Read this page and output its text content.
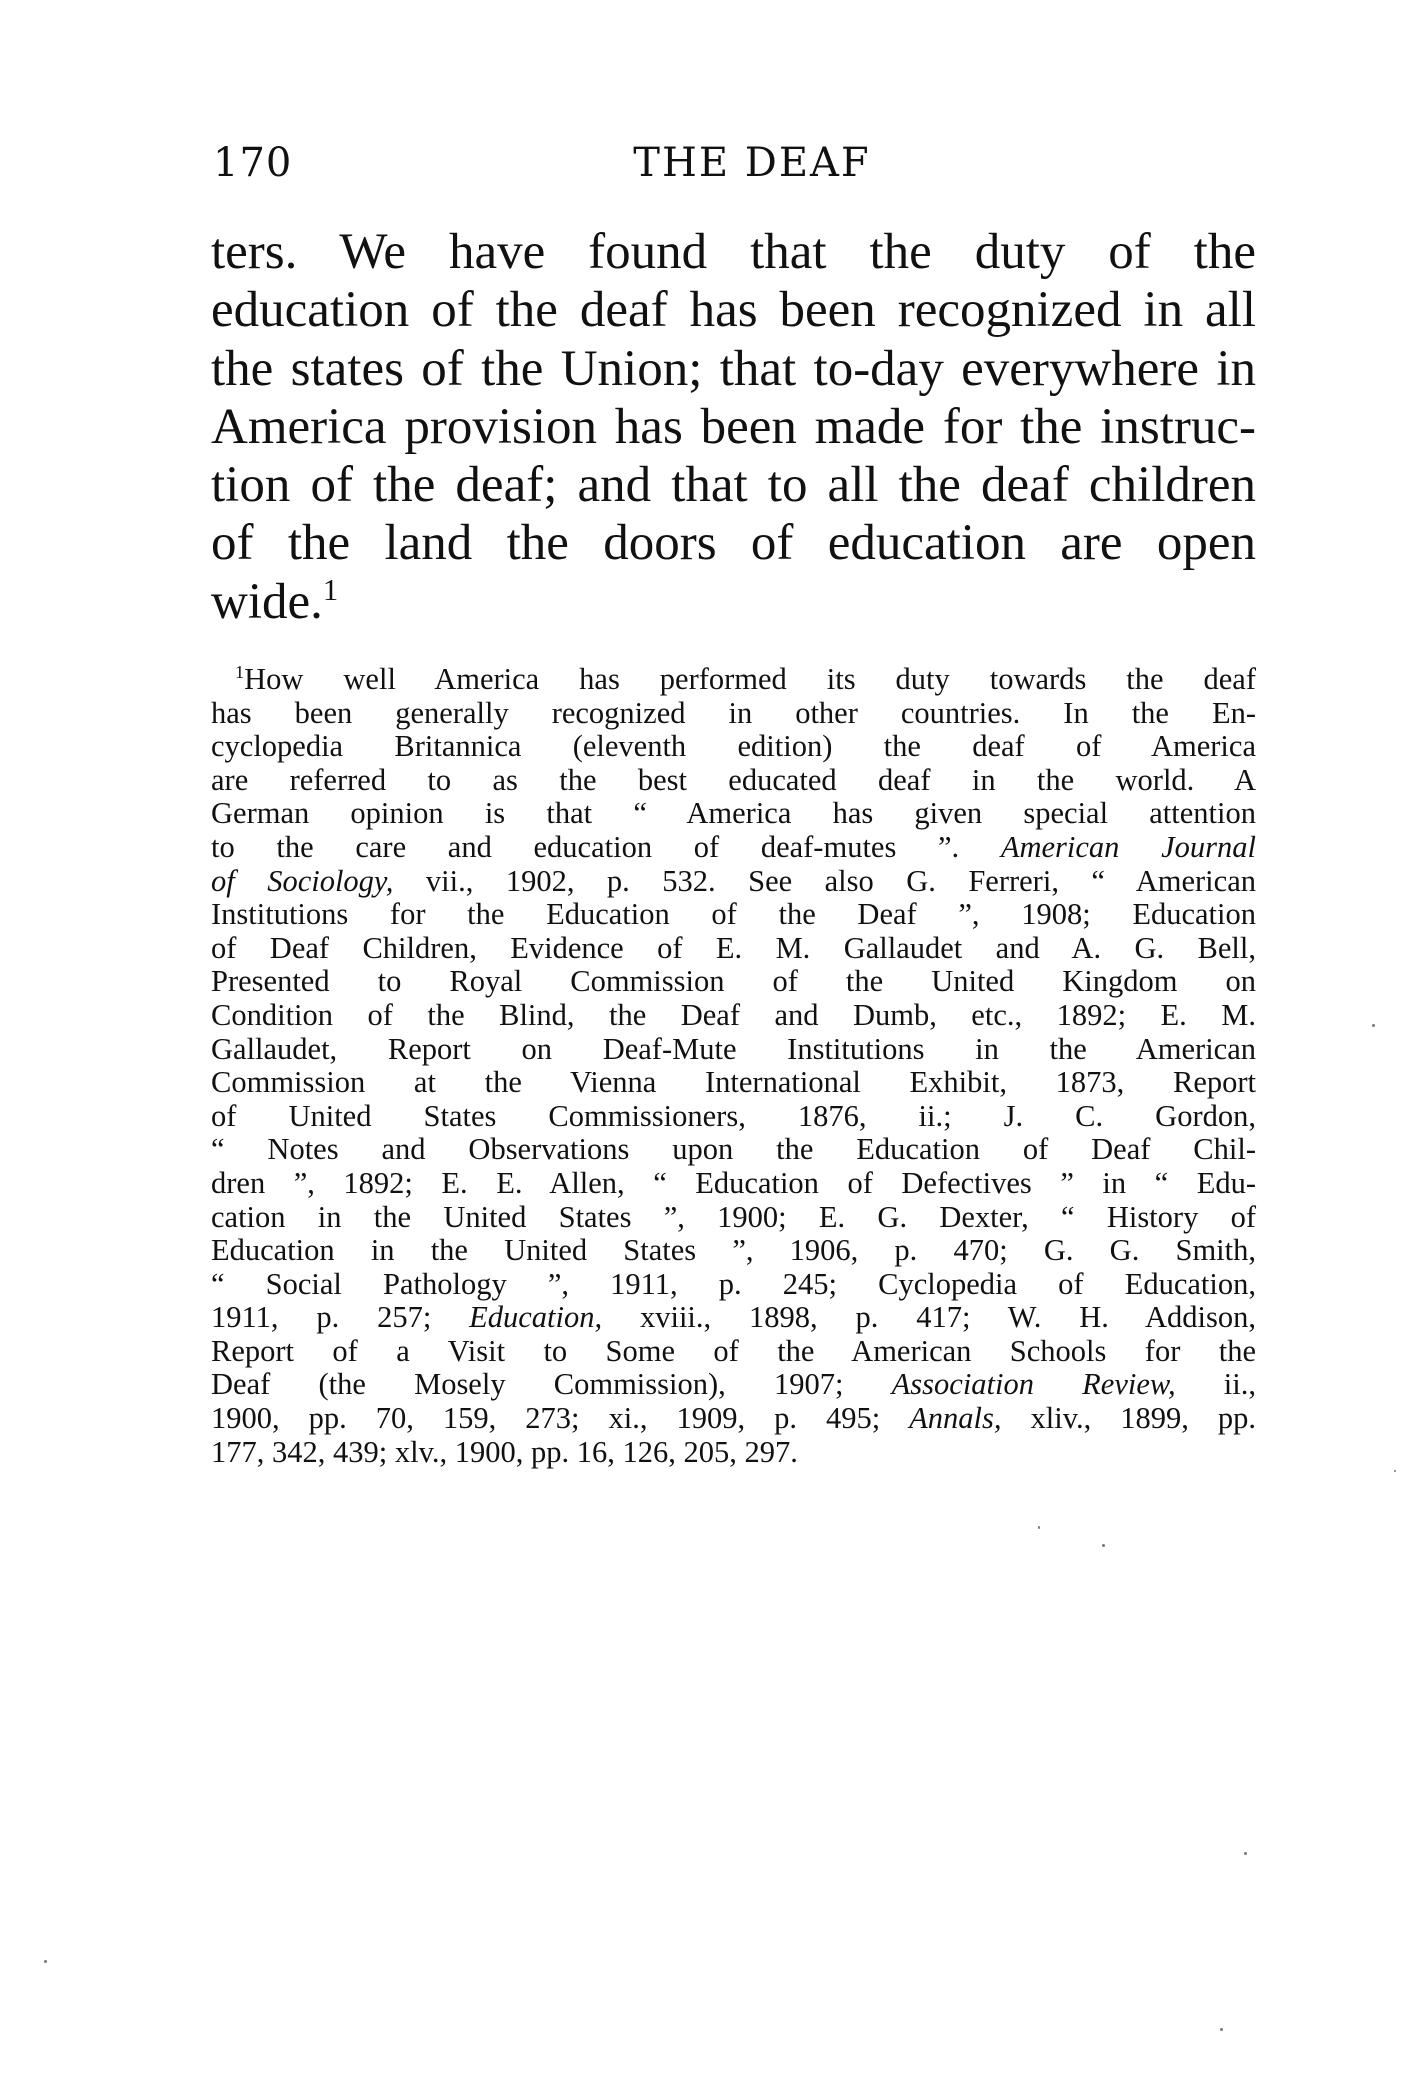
170	THE DEAF
ters. We have found that the duty of the
education of the deaf has been recognized in all
the states of the Union; that to-day everywhere in
America provision has been made for the instruc-
tion of the deaf; and that to all the deaf children
of the land the doors of education are open
wide.$^1$
$^1$How well America has performed its duty towards the deaf
has been generally recognized in other countries. In the En-
cyclopedia Britannica (eleventh edition) the deaf of America
are referred to as the best educated deaf in the world. A
German opinion is that “ America has given special attention
to the care and education of deaf-mutes ”. American Journal
of Sociology, vii., 1902, p. 532. See also G. Ferreri, “ American
Institutions for the Education of the Deaf ”, 1908; Education
of Deaf Children, Evidence of E. M. Gallaudet and A. G. Bell,
Presented to Royal Commission of the United Kingdom on
Condition of the Blind, the Deaf and Dumb, etc., 1892; E. M.
Gallaudet, Report on Deaf-Mute Institutions in the American
Commission at the Vienna International Exhibit, 1873, Report
of United States Commissioners, 1876, ii.; J. C. Gordon,
“ Notes and Observations upon the Education of Deaf Chil-
dren ”, 1892; E. E. Allen, “ Education of Defectives ” in “ Edu-
cation in the United States ”, 1900; E. G. Dexter, “ History of
Education in the United States ”, 1906, p. 470; G. G. Smith,
“ Social Pathology ”, 1911, p. 245; Cyclopedia of Education,
1911, p. 257; Education, xviii., 1898, p. 417; W. H. Addison,
Report of a Visit to Some of the American Schools for the
Deaf (the Mosely Commission), 1907; Association Review, ii.,
1900, pp. 70, 159, 273; xi., 1909, p. 495; Annals, xliv., 1899, pp.
177, 342, 439; xlv., 1900, pp. 16, 126, 205, 297.
